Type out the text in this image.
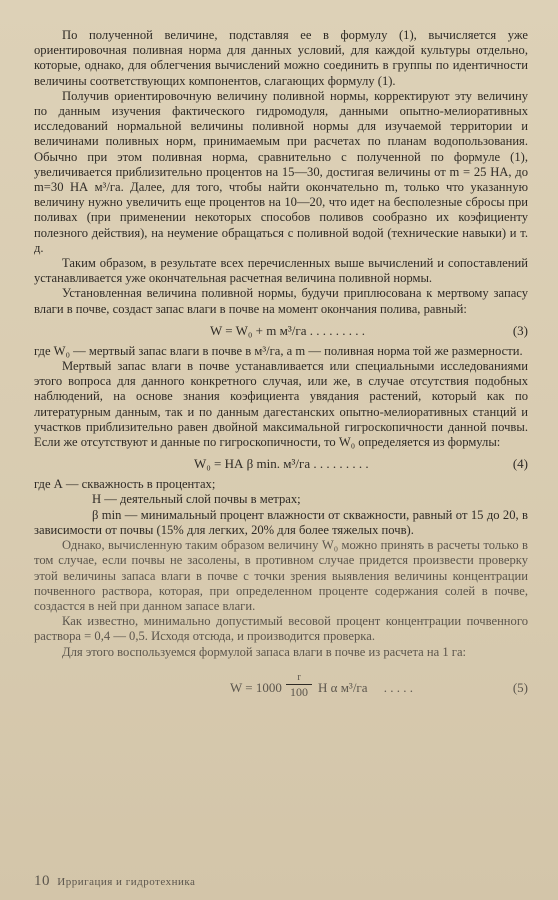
По полученной величине, подставляя ее в формулу (1), вычисляется уже ориентировочная поливная норма для данных условий, для каждой культуры отдельно, которые, однако, для облегчения вычислений можно соединить в группы по идентичности величины соответствующих компонентов, слагающих формулу (1).

Получив ориентировочную величину поливной нормы, корректируют эту величину по данным изучения фактического гидромодуля, данными опытно-мелиоративных исследований нормальной величины поливной нормы для изучаемой территории и величинами поливных норм, принимаемым при расчетах по планам водопользования. Обычно при этом поливная норма, сравнительно с полученной по формуле (1), увеличивается приблизительно процентов на 15—30, достигая величины от m = 25 НА, до m=30 НА м³/га. Далее, для того, чтобы найти окончательно m, только что указанную величину нужно увеличить еще процентов на 10—20, что идет на бесполезные сбросы при поливах (при применении некоторых способов поливов сообразно их коэфициенту полезного действия), на неумение обращаться с поливной водой (технические навыки) и т. д.

Таким образом, в результате всех перечисленных выше вычислений и сопоставлений устанавливается уже окончательная расчетная величина поливной нормы.

Установленная величина поливной нормы, будучи приплюсована к мертвому запасу влаги в почве, создаст запас влаги в почве на момент окончания полива, равный:

W = W₀ + m м³/га . . . . . . . . .	(3)

где W₀ — мертвый запас влаги в почве в м³/га, а m — поливная норма той же размерности.

Мертвый запас влаги в почве устанавливается или специальными исследованиями этого вопроса для данного конкретного случая, или же, в случае отсутствия подобных наблюдений, на основе знания коэфициента увядания растений, который как по литературным данным, так и по данным дагестанских опытно-мелиоративных станций и участков приблизительно равен двойной максимальной гигроскопичности данной почвы. Если же отсутствуют и данные по гигроскопичности, то W₀ определяется из формулы:

W₀ = НА β min. м³/га . . . . . . . . .	(4)
где А — скважность в процентах;
Н — деятельный слой почвы в метрах;
β min — минимальный процент влажности от скважности, равный от 15 до 20, в зависимости от почвы (15% для легких, 20% для более тяжелых почв).

Однако, вычисленную таким образом величину W₀ можно принять в расчеты только в том случае, если почвы не засолены, в противном случае придется произвести проверку этой величины запаса влаги в почве с точки зрения выявления величины концентрации почвенного раствора, которая, при определенном проценте содержания солей в почве, создастся в ней при данном запасе влаги.

Как известно, минимально допустимый весовой процент концентрации почвенного раствора = 0,4 — 0,5. Исходя отсюда, и производится проверка.

Для этого воспользуемся формулой запаса влаги в почве из расчета на 1 га:

W = 1000
r
100 Н α м³/га . . . . .	(5)
10 Ирригация и гидротехника
